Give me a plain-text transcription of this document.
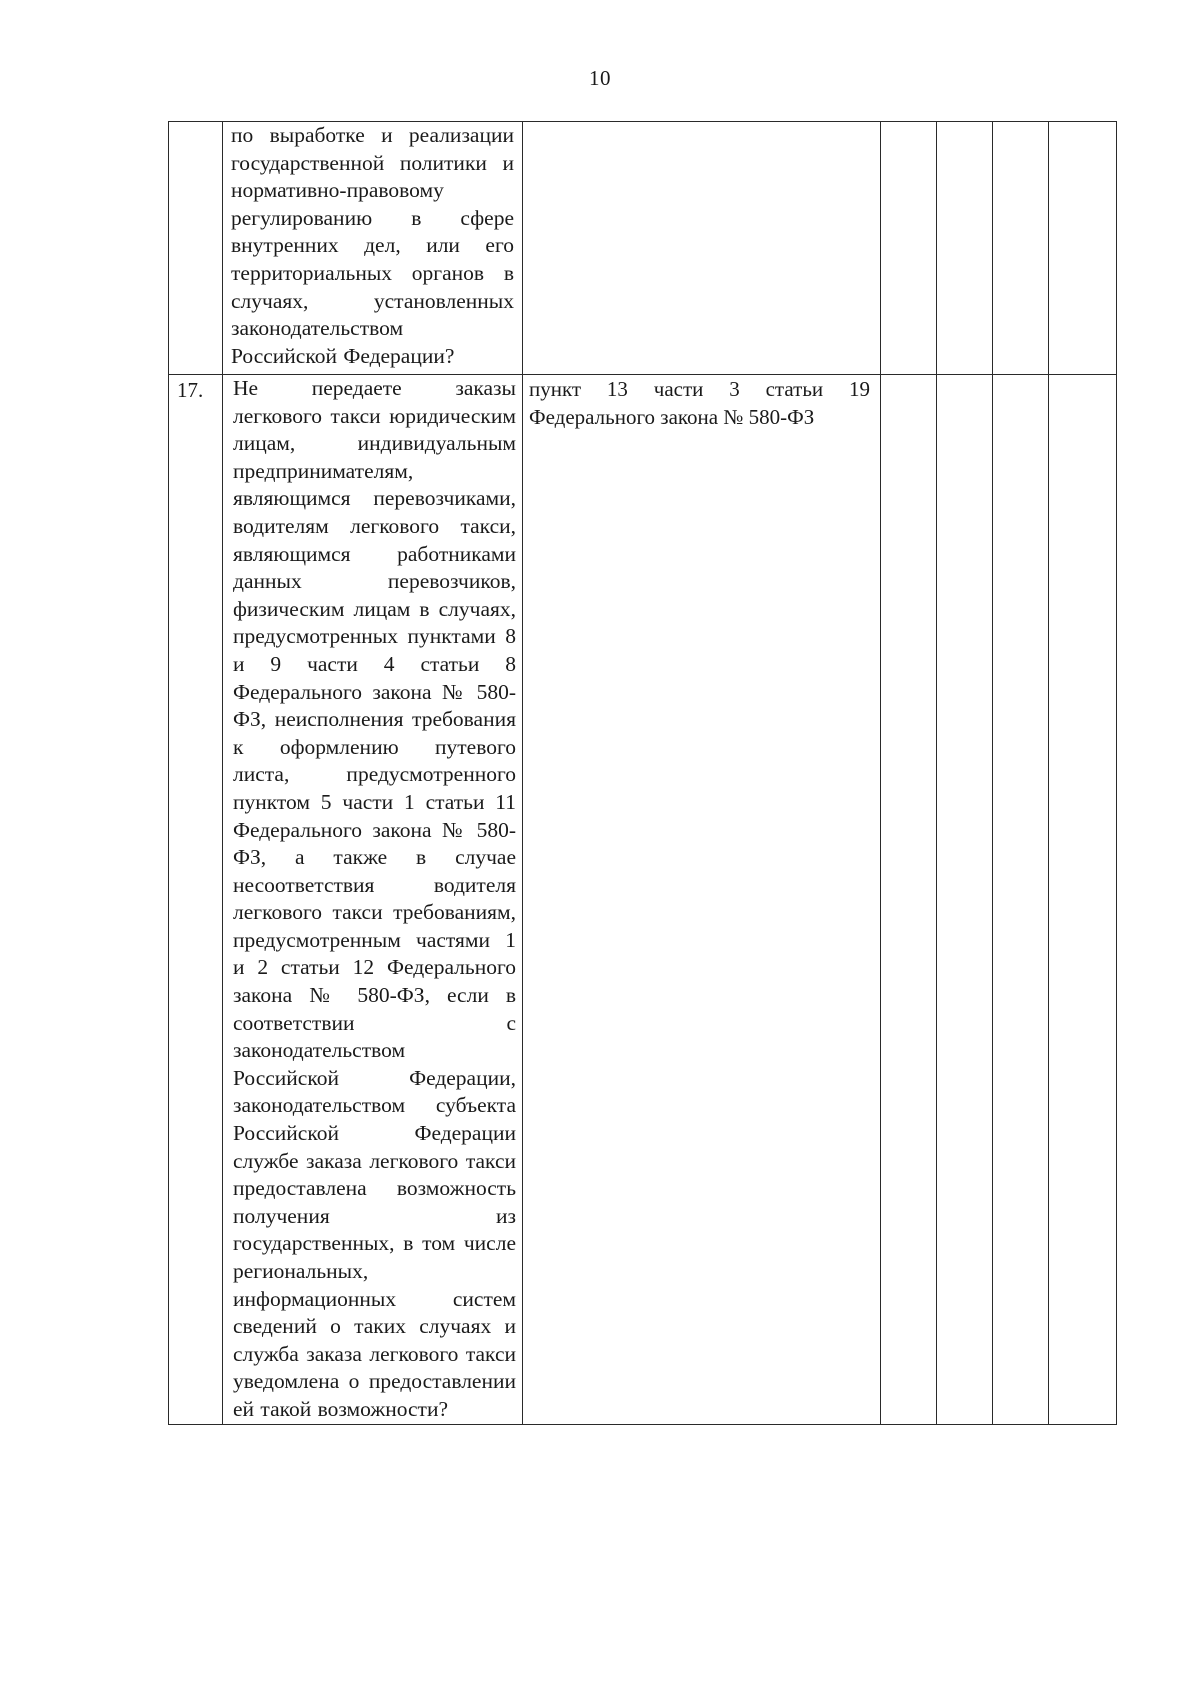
10
	по выработке и реализации государственной политики и нормативно-правовому регулированию в сфере внутренних дел, или его территориальных органов в случаях, установленных законодательством Российской Федерации?					
17.	Не передаете заказы легкового такси юридическим лицам, индивидуальным предпринимателям, являющимся перевозчиками, водителям легкового такси, являющимся работниками данных перевозчиков, физическим лицам в случаях, предусмотренных пунктами 8 и 9 части 4 статьи 8 Федерального закона № 580-ФЗ, неисполнения требования к оформлению путевого листа, предусмотренного пунктом 5 части 1 статьи 11 Федерального закона № 580-ФЗ, а также в случае несоответствия водителя легкового такси требованиям, предусмотренным частями 1 и 2 статьи 12 Федерального закона № 580-ФЗ, если в соответствии с законодательством Российской Федерации, законодательством субъекта Российской Федерации службе заказа легкового такси предоставлена возможность получения из государственных, в том числе региональных, информационных систем сведений о таких случаях и служба заказа легкового такси уведомлена о предоставлении ей такой возможности?	пункт 13 части 3 статьи 19 Федерального закона № 580-ФЗ				
